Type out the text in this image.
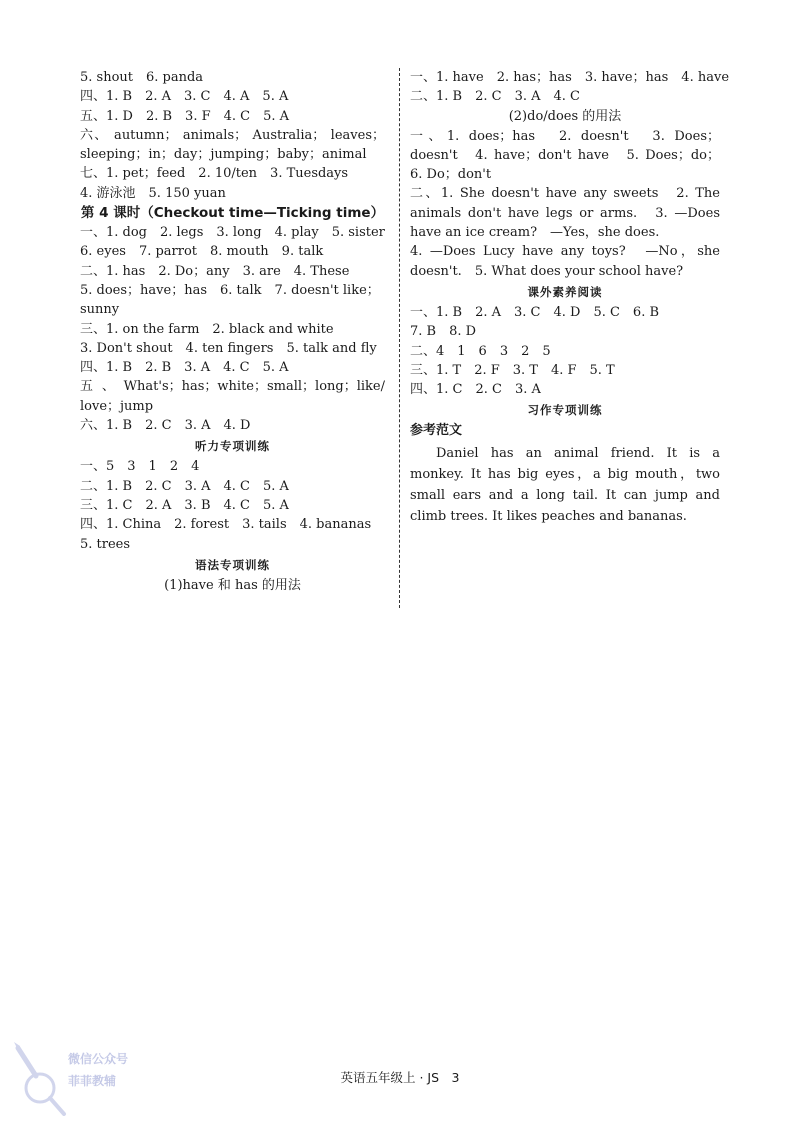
5. shout　6. panda
四、1. B　2. A　3. C　4. A　5. A
五、1. D　2. B　3. F　4. C　5. A
六、 autumn； animals； Australia； leaves；
sleeping；in；day；jumping；baby；animal
七、1. pet；feed　2. 10/ten　3. Tuesdays
4. 游泳池　5. 150 yuan
第 4 课时（Checkout time—Ticking time）
一、1. dog　2. legs　3. long　4. play　5. sister
6. eyes　7. parrot　8. mouth　9. talk
二、1. has　2. Do；any　3. are　4. These
5. does；have；has　6. talk　7. doesn't like；
sunny
三、1. on the farm　2. black and white
3. Don't shout　4. ten fingers　5. talk and fly
四、1. B　2. B　3. A　4. C　5. A
五、What's；has；white；small；long；like/
love；jump
六、1. B　2. C　3. A　4. D
听力专项训练
一、5　3　1　2　4
二、1. B　2. C　3. A　4. C　5. A
三、1. C　2. A　3. B　4. C　5. A
四、1. China　2. forest　3. tails　4. bananas
5. trees
语法专项训练
(1)have 和 has 的用法
一、1. have　2. has；has　3. have；has　4. have
二、1. B　2. C　3. A　4. C
(2)do/does 的用法
一、1. does；has　2. doesn't　3. Does；
doesn't　4. have；don't have　5. Does；do；
6. Do；don't
二、1. She doesn't have any sweets　2. The
animals don't have legs or arms.　3. —Does
have an ice cream?　—Yes，she does.
4. —Does Lucy have any toys?　—No，she
doesn't.　5. What does your school have?
课外素养阅读
一、1. B　2. A　3. C　4. D　5. C　6. B
7. B　8. D
二、4　1　6　3　2　5
三、1. T　2. F　3. T　4. F　5. T
四、1. C　2. C　3. A
习作专项训练
参考范文
Daniel has an animal friend. It is a monkey. It has big eyes，a big mouth，two small ears and a long tail. It can jump and climb trees. It likes peaches and bananas.
英语五年级上 · JS　3
微信公众号
菲菲教辅
